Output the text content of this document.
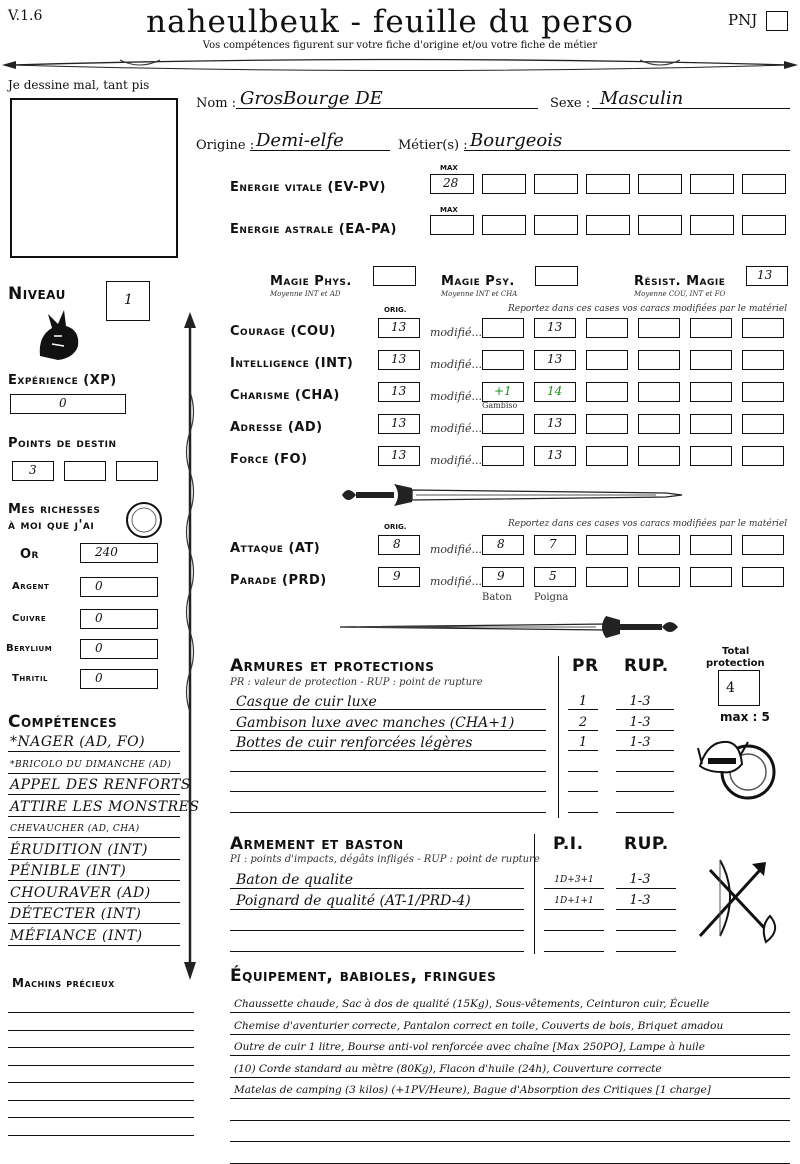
V.1.6	naheulbeuk - feuille du perso
Vos compétences figurent sur votre fiche d'origine et/ou votre fiche de métier
PNJ
Je dessine mal, tant pis
Nom : GrosBourge DE	Sexe : Masculin
Origine : Demi-elfe	Métier(s) : Bourgeois
MAX
Energie vitale (EV-PV)	28
MAX
Energie astrale (EA-PA)
Magie Phys.
Moyenne INT et AD
Magie Psy.
Moyenne INT et CHA
Résist. Magie
Moyenne COU, INT et FO
13
Niveau	1
Expérience (XP)
0
Points de destin
3
Mes richesses
à moi que j'ai
Or	240
Argent	0
Cuivre	0
Berylium	0
Thritil	0
Compétences
*NAGER (AD, FO)
*BRICOLO DU DIMANCHE (AD)
APPEL DES RENFORTS
ATTIRE LES MONSTRES
CHEVAUCHER (AD, CHA)
ÉRUDITION (INT)
PÉNIBLE (INT)
CHOURAVER (AD)
DÉTECTER (INT)
MÉFIANCE (INT)
Machins précieux
ORIG.	Reportez dans ces cases vos caracs modifiées par le matériel
Courage (COU)	13 modifié...	13
Intelligence (INT)	13 modifié...	13
Charisme (CHA)	13 modifié... +1	14
Gambiso
Adresse (AD)	13 modifié...	13
Force (FO)	13 modifié...	13
ORIG.	Reportez dans ces cases vos caracs modifiées par le matériel
Attaque (AT)	8	modifié... 8	7
Parade (PRD)	9	modifié... 9	5
Baton Poigna
Armures et protections
PR : valeur de protection - RUP : point de rupture
PR RUP.
Casque de cuir luxe	1	1-3
Gambison luxe avec manches (CHA+1)	2	1-3
Bottes de cuir renforcées légères	1	1-3
Total
protection
4
max : 5
Armement et baston
PI : points d'impacts, dégâts infligés - RUP : point de rupture
P.I. RUP.
Baton de qualite	1D+3+1	1-3
Poignard de qualité (AT-1/PRD-4)	1D+1+1	1-3
Équipement, babioles, fringues
Chaussette chaude, Sac à dos de qualité (15Kg), Sous-vêtements, Ceinturon cuir, Écuelle
Chemise d'aventurier correcte, Pantalon correct en toile, Couverts de bois, Briquet amadou
Outre de cuir 1 litre, Bourse anti-vol renforcée avec chaîne [Max 250PO], Lampe à huile
(10) Corde standard au mètre (80Kg), Flacon d'huile (24h), Couverture correcte
Matelas de camping (3 kilos) (+1PV/Heure), Bague d'Absorption des Critiques [1 charge]
